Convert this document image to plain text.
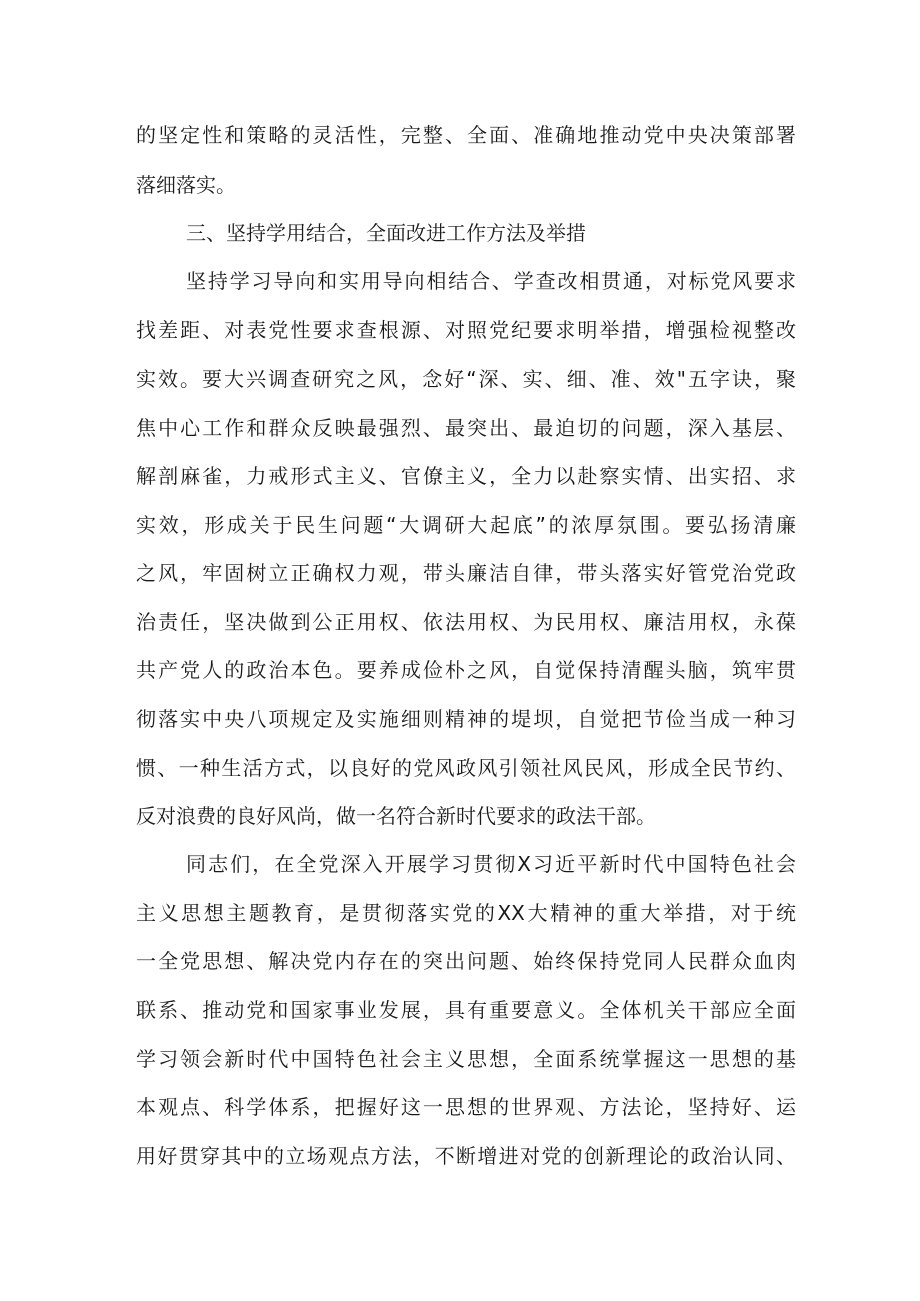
的坚定性和策略的灵活性，完整、全面、准确地推动党中央决策部署
落细落实。
三、坚持学用结合，全面改进工作方法及举措
坚持学习导向和实用导向相结合、学查改相贯通，对标党风要求
找差距、对表党性要求查根源、对照党纪要求明举措，增强检视整改
实效。要大兴调查研究之风，念好“深、实、细、准、效"五字诀，聚
焦中心工作和群众反映最强烈、最突出、最迫切的问题，深入基层、
解剖麻雀，力戒形式主义、官僚主义，全力以赴察实情、出实招、求
实效，形成关于民生问题“大调研大起底”的浓厚氛围。要弘扬清廉
之风，牢固树立正确权力观，带头廉洁自律，带头落实好管党治党政
治责任，坚决做到公正用权、依法用权、为民用权、廉洁用权，永葆
共产党人的政治本色。要养成俭朴之风，自觉保持清醒头脑，筑牢贯
彻落实中央八项规定及实施细则精神的堤坝，自觉把节俭当成一种习
惯、一种生活方式，以良好的党风政风引领社风民风，形成全民节约、
反对浪费的良好风尚，做一名符合新时代要求的政法干部。
同志们，在全党深入开展学习贯彻X习近平新时代中国特色社会
主义思想主题教育，是贯彻落实党的XX大精神的重大举措，对于统
一全党思想、解决党内存在的突出问题、始终保持党同人民群众血肉
联系、推动党和国家事业发展，具有重要意义。全体机关干部应全面
学习领会新时代中国特色社会主义思想，全面系统掌握这一思想的基
本观点、科学体系，把握好这一思想的世界观、方法论，坚持好、运
用好贯穿其中的立场观点方法，不断增进对党的创新理论的政治认同、
